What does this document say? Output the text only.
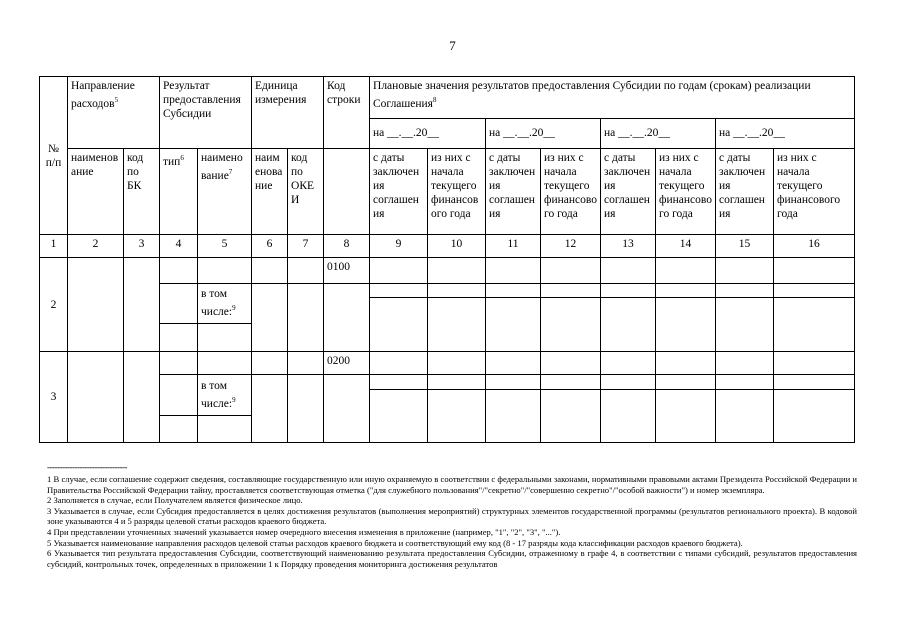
7
№ п/п	Направление расходов$^5$		Результат предоставления Субсидии		Единица измерения		Код строки	Плановые значения результатов предоставления Субсидии по годам (срокам) реализации Соглашения$^8$
								на __.__.20__		на __.__.20__		на __.__.20__		на __.__.20__	
	наименование	код по БК	тип$^6$	наименование$^7$	наименование	код по ОКЕИ		с даты заключения соглашения	из них с начала текущего финансового года	с даты заключения соглашения	из них с начала текущего финансового года	с даты заключения соглашения	из них с начала текущего финансового года	с даты заключения соглашения	из них с начала текущего финансового года
1	2	3	4	5	6	7	8	9	10	11	12	13	14	15	16
2							0100								
				в том числе:$^9$											

3							0200								
				в том числе:$^9$											

--------------------------------

1 В случае, если соглашение содержит сведения, составляющие государственную или иную охраняемую в соответствии с федеральными законами, нормативными правовыми актами Президента Российской Федерации и Правительства Российской Федерации тайну, проставляется соответствующая отметка ("для служебного пользования"/"секретно"/"совершенно секретно"/"особой важности") и номер экземпляра.

2 Заполняется в случае, если Получателем является физическое лицо.

3 Указывается в случае, если Субсидия предоставляется в целях достижения результатов (выполнения мероприятий) структурных элементов государственной программы (результатов регионального проекта). В кодовой зоне указываются 4 и 5 разряды целевой статьи расходов краевого бюджета.

4 При представлении уточненных значений указывается номер очередного внесения изменения в приложение (например, "1", "2", "3", "...").

5 Указывается наименование направления расходов целевой статьи расходов краевого бюджета и соответствующий ему код (8 - 17 разряды кода классификации расходов краевого бюджета).

6 Указывается тип результата предоставления Субсидии, соответствующий наименованию результата предоставления Субсидии, отраженному в графе 4, в соответствии с типами субсидий, результатов предоставления субсидий, контрольных точек, определенных в приложении 1 к Порядку проведения мониторинга достижения результатов
